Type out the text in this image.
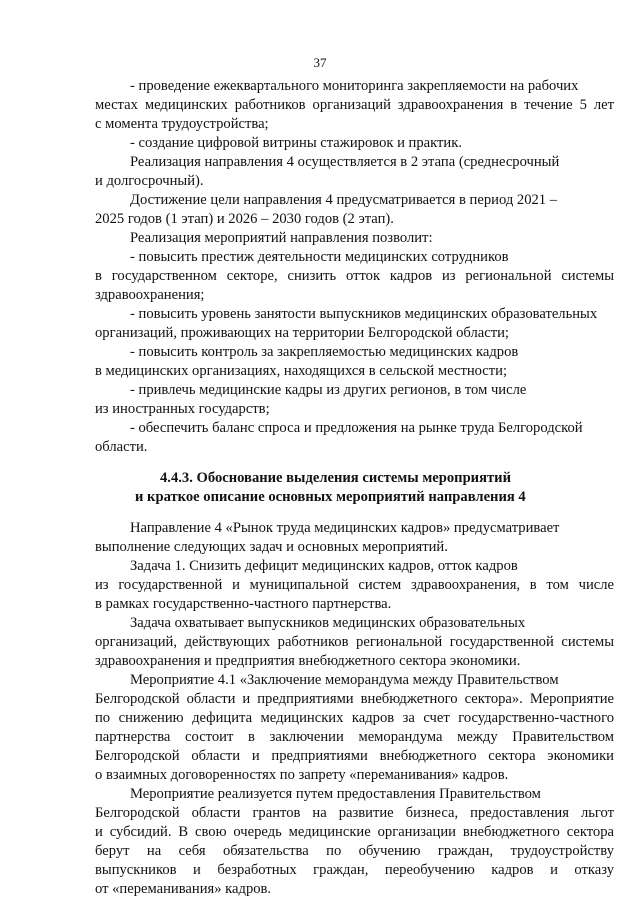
37
- проведение ежеквартального мониторинга закрепляемости на рабочих
местах медицинских работников организаций здравоохранения в течение 5 лет
с момента трудоустройства;
- создание цифровой витрины стажировок и практик.
Реализация направления 4 осуществляется в 2 этапа (среднесрочный
и долгосрочный).
Достижение цели направления 4 предусматривается в период 2021 –
2025 годов (1 этап) и 2026 – 2030 годов (2 этап).
Реализация мероприятий направления позволит:
- повысить престиж деятельности медицинских сотрудников
в государственном секторе, снизить отток кадров из региональной системы
здравоохранения;
- повысить уровень занятости выпускников медицинских образовательных
организаций, проживающих на территории Белгородской области;
- повысить контроль за закрепляемостью медицинских кадров
в медицинских организациях, находящихся в сельской местности;
- привлечь медицинские кадры из других регионов, в том числе
из иностранных государств;
- обеспечить баланс спроса и предложения на рынке труда Белгородской
области.
4.4.3. Обоснование выделения системы мероприятий
и краткое описание основных мероприятий направления 4
Направление 4 «Рынок труда медицинских кадров» предусматривает
выполнение следующих задач и основных мероприятий.
Задача 1. Снизить дефицит медицинских кадров, отток кадров
из государственной и муниципальной систем здравоохранения, в том числе
в рамках государственно-частного партнерства.
Задача охватывает выпускников медицинских образовательных
организаций, действующих работников региональной государственной системы
здравоохранения и предприятия внебюджетного сектора экономики.
Мероприятие 4.1 «Заключение меморандума между Правительством
Белгородской области и предприятиями внебюджетного сектора». Мероприятие
по снижению дефицита медицинских кадров за счет государственно-частного
партнерства состоит в заключении меморандума между Правительством
Белгородской области и предприятиями внебюджетного сектора экономики
о взаимных договоренностях по запрету «переманивания» кадров.
Мероприятие реализуется путем предоставления Правительством
Белгородской области грантов на развитие бизнеса, предоставления льгот
и субсидий. В свою очередь медицинские организации внебюджетного сектора
берут на себя обязательства по обучению граждан, трудоустройству
выпускников и безработных граждан, переобучению кадров и отказу
от «переманивания» кадров.
